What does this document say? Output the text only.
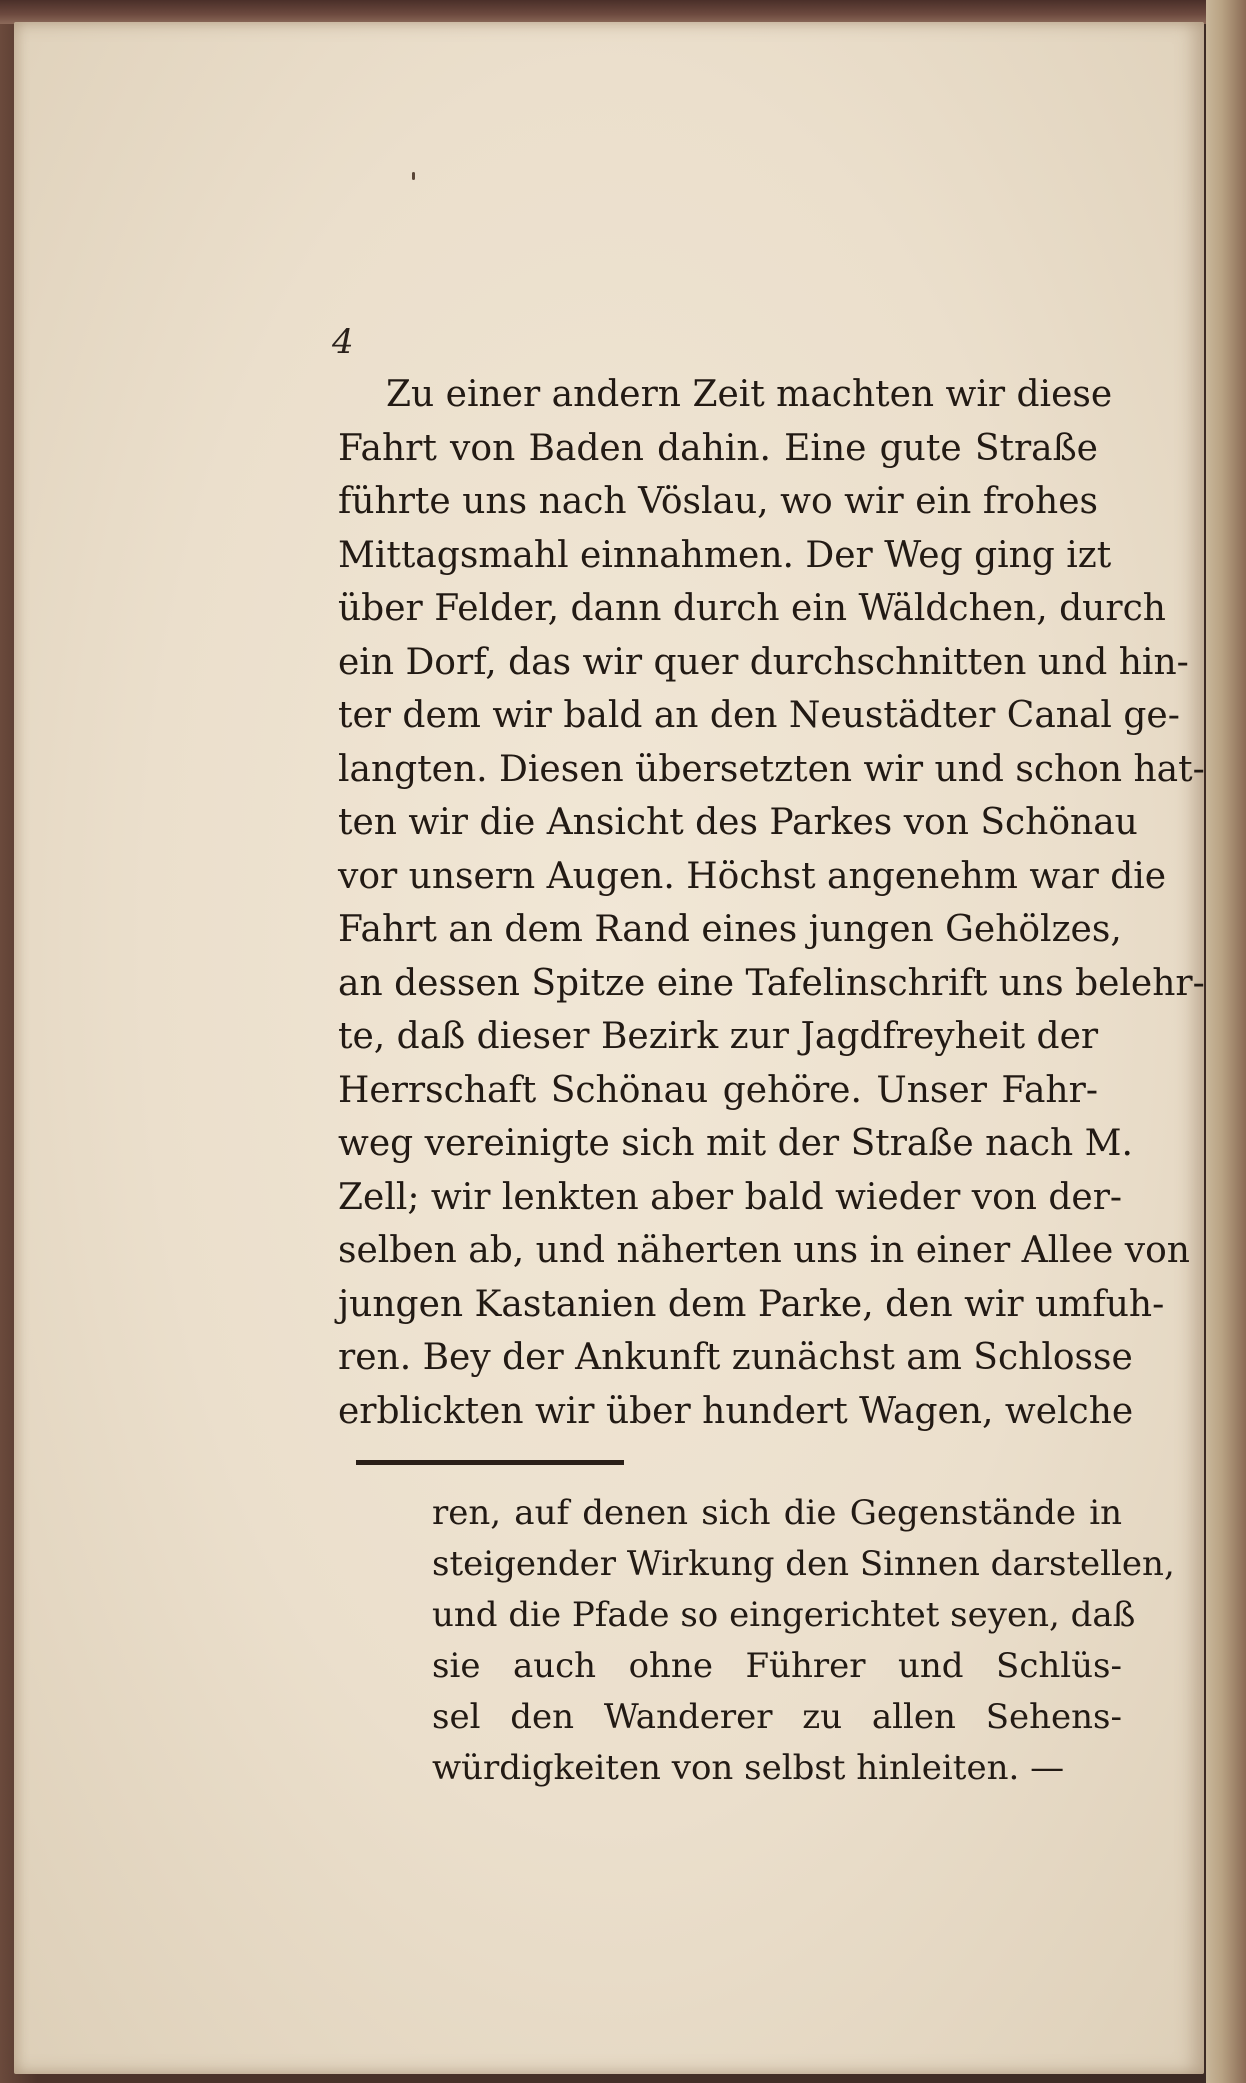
4
Zu einer andern Zeit machten wir diese
Fahrt von Baden dahin. Eine gute Straße
führte uns nach Vöslau, wo wir ein frohes
Mittagsmahl einnahmen. Der Weg ging izt
über Felder, dann durch ein Wäldchen, durch
ein Dorf, das wir quer durchschnitten und hin-
ter dem wir bald an den Neustädter Canal ge-
langten. Diesen übersetzten wir und schon hat-
ten wir die Ansicht des Parkes von Schönau
vor unsern Augen. Höchst angenehm war die
Fahrt an dem Rand eines jungen Gehölzes,
an dessen Spitze eine Tafelinschrift uns belehr-
te, daß dieser Bezirk zur Jagdfreyheit der
Herrschaft Schönau gehöre. Unser Fahr-
weg vereinigte sich mit der Straße nach M.
Zell; wir lenkten aber bald wieder von der-
selben ab, und näherten uns in einer Allee von
jungen Kastanien dem Parke, den wir umfuh-
ren. Bey der Ankunft zunächst am Schlosse
erblickten wir über hundert Wagen, welche
ren, auf denen sich die Gegenstände in
steigender Wirkung den Sinnen darstellen,
und die Pfade so eingerichtet seyen, daß
sie auch ohne Führer und Schlüs-
sel den Wanderer zu allen Sehens-
würdigkeiten von selbst hinleiten. —
